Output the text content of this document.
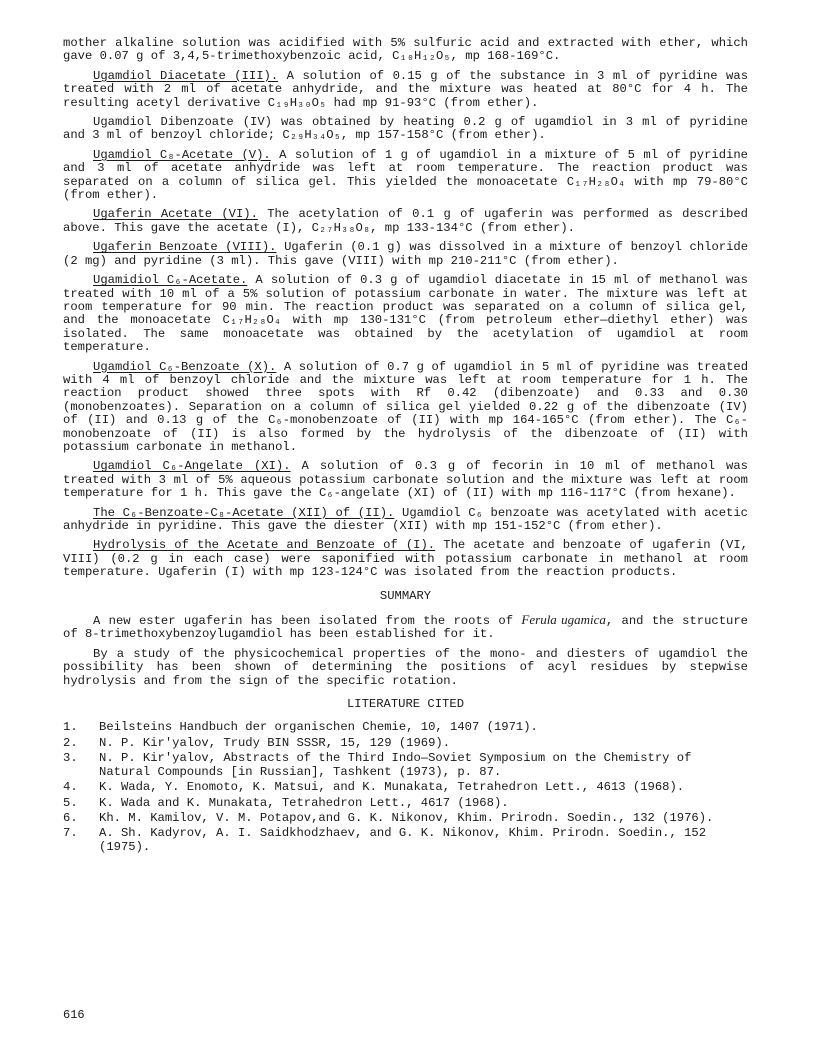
mother alkaline solution was acidified with 5% sulfuric acid and extracted with ether, which gave 0.07 g of 3,4,5-trimethoxybenzoic acid, C₁₀H₁₂O₅, mp 168-169°C.

Ugamdiol Diacetate (III). A solution of 0.15 g of the substance in 3 ml of pyridine was treated with 2 ml of acetate anhydride, and the mixture was heated at 80°C for 4 h. The resulting acetyl derivative C₁₉H₃₀O₅ had mp 91-93°C (from ether).

Ugamdiol Dibenzoate (IV) was obtained by heating 0.2 g of ugamdiol in 3 ml of pyridine and 3 ml of benzoyl chloride; C₂₉H₃₄O₅, mp 157-158°C (from ether).

Ugamdiol C₈-Acetate (V). A solution of 1 g of ugamdiol in a mixture of 5 ml of pyridine and 3 ml of acetate anhydride was left at room temperature. The reaction product was separated on a column of silica gel. This yielded the monoacetate C₁₇H₂₈O₄ with mp 79-80°C (from ether).

Ugaferin Acetate (VI). The acetylation of 0.1 g of ugaferin was performed as described above. This gave the acetate (I), C₂₇H₃₈O₈, mp 133-134°C (from ether).

Ugaferin Benzoate (VIII). Ugaferin (0.1 g) was dissolved in a mixture of benzoyl chloride (2 mg) and pyridine (3 ml). This gave (VIII) with mp 210-211°C (from ether).

Ugamidiol C₆-Acetate. A solution of 0.3 g of ugamdiol diacetate in 15 ml of methanol was treated with 10 ml of a 5% solution of potassium carbonate in water. The mixture was left at room temperature for 90 min. The reaction product was separated on a column of silica gel, and the monoacetate C₁₇H₂₈O₄ with mp 130-131°C (from petroleum ether—diethyl ether) was isolated. The same monoacetate was obtained by the acetylation of ugamdiol at room temperature.

Ugamdiol C₆-Benzoate (X). A solution of 0.7 g of ugamdiol in 5 ml of pyridine was treated with 4 ml of benzoyl chloride and the mixture was left at room temperature for 1 h. The reaction product showed three spots with Rf 0.42 (dibenzoate) and 0.33 and 0.30 (monobenzoates). Separation on a column of silica gel yielded 0.22 g of the dibenzoate (IV) of (II) and 0.13 g of the C₆-monobenzoate of (II) with mp 164-165°C (from ether). The C₆-monobenzoate of (II) is also formed by the hydrolysis of the dibenzoate of (II) with potassium carbonate in methanol.

Ugamdiol C₆-Angelate (XI). A solution of 0.3 g of fecorin in 10 ml of methanol was treated with 3 ml of 5% aqueous potassium carbonate solution and the mixture was left at room temperature for 1 h. This gave the C₆-angelate (XI) of (II) with mp 116-117°C (from hexane).

The C₆-Benzoate-C₈-Acetate (XII) of (II). Ugamdiol C₆ benzoate was acetylated with acetic anhydride in pyridine. This gave the diester (XII) with mp 151-152°C (from ether).

Hydrolysis of the Acetate and Benzoate of (I). The acetate and benzoate of ugaferin (VI, VIII) (0.2 g in each case) were saponified with potassium carbonate in methanol at room temperature. Ugaferin (I) with mp 123-124°C was isolated from the reaction products.

SUMMARY

A new ester ugaferin has been isolated from the roots of Ferula ugamica, and the structure of 8-trimethoxybenzoylugamdiol has been established for it.

By a study of the physicochemical properties of the mono- and diesters of ugamdiol the possibility has been shown of determining the positions of acyl residues by stepwise hydrolysis and from the sign of the specific rotation.

LITERATURE CITED
1.	Beilsteins Handbuch der organischen Chemie, 10, 1407 (1971).
2.	N. P. Kir'yalov, Trudy BIN SSSR, 15, 129 (1969).
3.	N. P. Kir'yalov, Abstracts of the Third Indo—Soviet Symposium on the Chemistry of Natural Compounds [in Russian], Tashkent (1973), p. 87.
4.	K. Wada, Y. Enomoto, K. Matsui, and K. Munakata, Tetrahedron Lett., 4613 (1968).
5.	K. Wada and K. Munakata, Tetrahedron Lett., 4617 (1968).
6.	Kh. M. Kamilov, V. M. Potapov,and G. K. Nikonov, Khim. Prirodn. Soedin., 132 (1976).
7.	A. Sh. Kadyrov, A. I. Saidkhodzhaev, and G. K. Nikonov, Khim. Prirodn. Soedin., 152 (1975).
616
